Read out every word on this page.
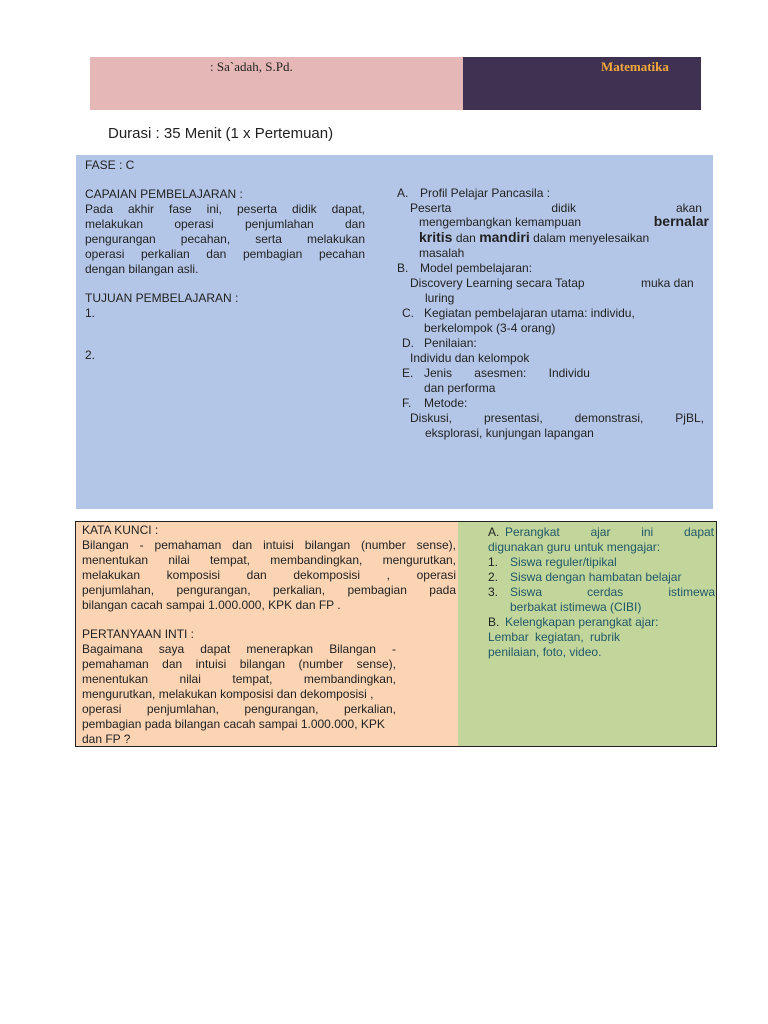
: Sa`adah, S.Pd.	Matematika
Durasi : 35 Menit (1 x Pertemuan)
FASE : C
CAPAIAN PEMBELAJARAN :
Pada akhir fase ini, peserta didik dapat,
melakukan operasi penjumlahan dan
pengurangan pecahan, serta melakukan
operasi perkalian dan pembagian pecahan
dengan bilangan asli.
TUJUAN PEMBELAJARAN :
1.
2.
A. Profil Pelajar Pancasila :
Peserta	didik	akan
mengembangkan kemampuan	bernalar
kritis dan mandiri dalam menyelesaikan
masalah
B. Model pembelajaran:
Discovery Learning secara Tatap	muka dan
luring
C. Kegiatan pembelajaran utama: individu,
berkelompok (3-4 orang)
D. Penilaian:
Individu dan kelompok
E. Jenis asesmen: Individu
dan performa
F. Metode:
Diskusi,	presentasi,	demonstrasi,	PjBL,
eksplorasi, kunjungan lapangan
KATA KUNCI :
Bilangan - pemahaman dan intuisi bilangan (number sense),
menentukan nilai tempat, membandingkan, mengurutkan,
melakukan komposisi dan dekomposisi , operasi
penjumlahan, pengurangan, perkalian, pembagian pada
bilangan cacah sampai 1.000.000, KPK dan FP .
PERTANYAAN INTI :
Bagaimana saya dapat menerapkan Bilangan -
pemahaman dan intuisi bilangan (number sense),
menentukan nilai tempat, membandingkan,
mengurutkan, melakukan komposisi dan dekomposisi ,
operasi penjumlahan, pengurangan, perkalian,
pembagian pada bilangan cacah sampai 1.000.000, KPK
dan FP ?
A. Perangkat ajar ini dapat
digunakan guru untuk mengajar:
1. Siswa reguler/tipikal
2. Siswa dengan hambatan belajar
3. Siswa cerdas istimewa
berbakat istimewa (CIBI)
B. Kelengkapan perangkat ajar:
Lembar kegiatan, rubrik
penilaian, foto, video.
